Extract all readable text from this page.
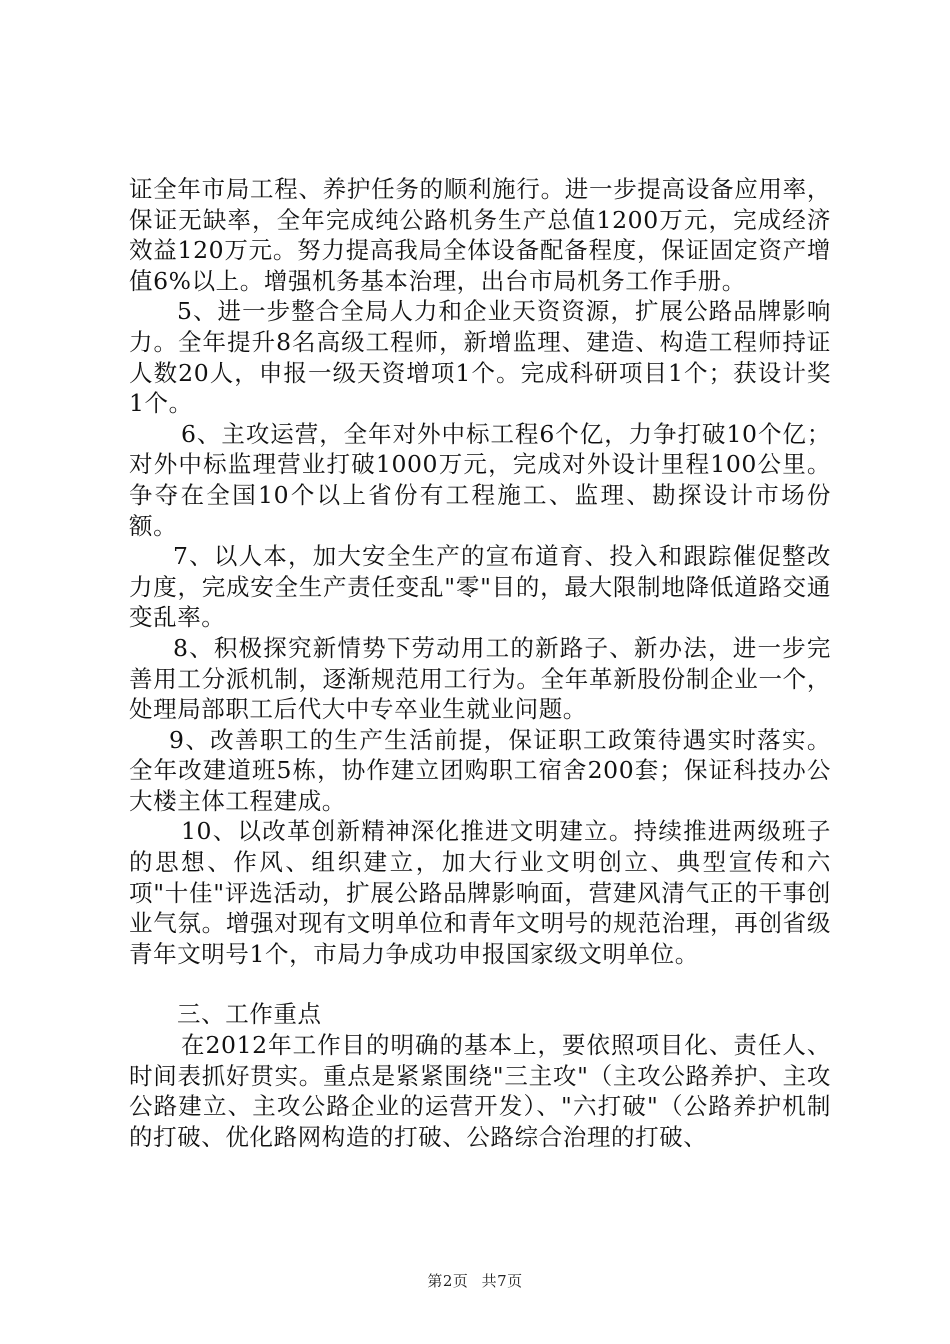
证全年市局工程、养护任务的顺利施行。进一步提高设备应用率，保证无缺率，全年完成纯公路机务生产总值1200万元，完成经济效益120万元。努力提高我局全体设备配备程度，保证固定资产增值6%以上。增强机务基本治理，出台市局机务工作手册。

5、进一步整合全局人力和企业天资资源，扩展公路品牌影响力。全年提升8名高级工程师，新增监理、建造、构造工程师持证人数20人，申报一级天资增项1个。完成科研项目1个；获设计奖1个。

6、主攻运营，全年对外中标工程6个亿，力争打破10个亿；对外中标监理营业打破1000万元，完成对外设计里程100公里。争夺在全国10个以上省份有工程施工、监理、勘探设计市场份额。

7、以人本，加大安全生产的宣布道育、投入和跟踪催促整改力度，完成安全生产责任变乱"零"目的，最大限制地降低道路交通变乱率。

8、积极探究新情势下劳动用工的新路子、新办法，进一步完善用工分派机制，逐渐规范用工行为。全年革新股份制企业一个，处理局部职工后代大中专卒业生就业问题。

9、改善职工的生产生活前提，保证职工政策待遇实时落实。全年改建道班5栋，协作建立团购职工宿舍200套；保证科技办公大楼主体工程建成。

10、以改革创新精神深化推进文明建立。持续推进两级班子的思想、作风、组织建立，加大行业文明创立、典型宣传和六项"十佳"评选活动，扩展公路品牌影响面，营建风清气正的干事创业气氛。增强对现有文明单位和青年文明号的规范治理，再创省级青年文明号1个，市局力争成功申报国家级文明单位。

三、工作重点

在2012年工作目的明确的基本上，要依照项目化、责任人、时间表抓好贯实。重点是紧紧围绕"三主攻"（主攻公路养护、主攻公路建立、主攻公路企业的运营开发）、"六打破"（公路养护机制的打破、优化路网构造的打破、公路综合治理的打破、

第2页 共7页
